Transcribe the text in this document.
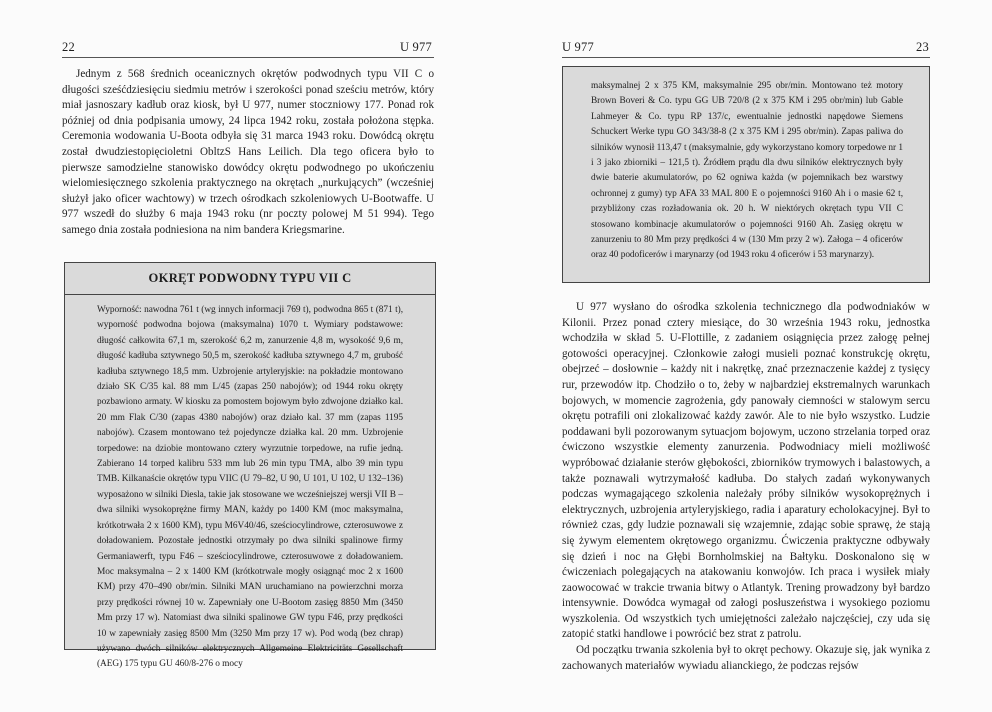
22	U 977

Jednym z 568 średnich oceanicznych okrętów podwodnych typu VII C o długości sześćdziesięciu siedmiu metrów i szerokości ponad sześciu metrów, który miał jasnoszary kadłub oraz kiosk, był U 977, numer stoczniowy 177. Ponad rok później od dnia podpisania umowy, 24 lipca 1942 roku, została położona stępka. Ceremonia wodowania U-Boota odbyła się 31 marca 1943 roku. Dowódcą okrętu został dwudziestopięcioletni ObltzS Hans Leilich. Dla tego oficera było to pierwsze samodzielne stanowisko dowódcy okrętu podwodnego po ukończeniu wielomiesięcznego szkolenia praktycznego na okrętach „nurkujących” (wcześniej służył jako oficer wachtowy) w trzech ośrodkach szkoleniowych U-Bootwaffe. U 977 wszedł do służby 6 maja 1943 roku (nr poczty polowej M 51 994). Tego samego dnia została podniesiona na nim bandera Kriegsmarine.

OKRĘT PODWODNY TYPU VII C

Wyporność: nawodna 761 t (wg innych informacji 769 t), podwodna 865 t (871 t), wyporność podwodna bojowa (maksymalna) 1070 t. Wymiary podstawowe: długość całkowita 67,1 m, szerokość 6,2 m, zanurzenie 4,8 m, wysokość 9,6 m, długość kadłuba sztywnego 50,5 m, szerokość kadłuba sztywnego 4,7 m, grubość kadłuba sztywnego 18,5 mm. Uzbrojenie artyleryjskie: na pokładzie montowano działo SK C/35 kal. 88 mm L/45 (zapas 250 nabojów); od 1944 roku okręty pozbawiono armaty. W kiosku za pomostem bojowym było zdwojone działko kal. 20 mm Flak C/30 (zapas 4380 nabojów) oraz działo kal. 37 mm (zapas 1195 nabojów). Czasem montowano też pojedyncze działka kal. 20 mm. Uzbrojenie torpedowe: na dziobie montowano cztery wyrzutnie torpedowe, na rufie jedną. Zabierano 14 torped kalibru 533 mm lub 26 min typu TMA, albo 39 min typu TMB. Kilkanaście okrętów typu VIIC (U 79–82, U 90, U 101, U 102, U 132–136) wyposażono w silniki Diesla, takie jak stosowane we wcześniejszej wersji VII B – dwa silniki wysokoprężne firmy MAN, każdy po 1400 KM (moc maksymalna, krótkotrwała 2 x 1600 KM), typu M6V40/46, sześciocylindrowe, czterosuwowe z doładowaniem. Pozostałe jednostki otrzymały po dwa silniki spalinowe firmy Germaniawerft, typu F46 – sześciocylindrowe, czterosuwowe z doładowaniem. Moc maksymalna – 2 x 1400 KM (krótkotrwale mogły osiągnąć moc 2 x 1600 KM) przy 470–490 obr/min. Silniki MAN uruchamiano na powierzchni morza przy prędkości równej 10 w. Zapewniały one U-Bootom zasięg 8850 Mm (3450 Mm przy 17 w). Natomiast dwa silniki spalinowe GW typu F46, przy prędkości 10 w zapewniały zasięg 8500 Mm (3250 Mm przy 17 w). Pod wodą (bez chrap) używano dwóch silników elektrycznych Allgemeine Elektricitäts Gesellschaft (AEG) 175 typu GU 460/8-276 o mocy

U 977	23

maksymalnej 2 x 375 KM, maksymalnie 295 obr/min. Montowano też motory Brown Boveri & Co. typu GG UB 720/8 (2 x 375 KM i 295 obr/min) lub Gable Lahmeyer & Co. typu RP 137/c, ewentualnie jednostki napędowe Siemens Schuckert Werke typu GO 343/38-8 (2 x 375 KM i 295 obr/min). Zapas paliwa do silników wynosił 113,47 t (maksymalnie, gdy wykorzystano komory torpedowe nr 1 i 3 jako zbiorniki – 121,5 t). Źródłem prądu dla dwu silników elektrycznych były dwie baterie akumulatorów, po 62 ogniwa każda (w pojemnikach bez warstwy ochronnej z gumy) typ AFA 33 MAL 800 E o pojemności 9160 Ah i o masie 62 t, przybliżony czas rozładowania ok. 20 h. W niektórych okrętach typu VII C stosowano kombinacje akumulatorów o pojemności 9160 Ah. Zasięg okrętu w zanurzeniu to 80 Mm przy prędkości 4 w (130 Mm przy 2 w). Załoga – 4 oficerów oraz 40 podoficerów i marynarzy (od 1943 roku 4 oficerów i 53 marynarzy).

U 977 wysłano do ośrodka szkolenia technicznego dla podwodniaków w Kilonii. Przez ponad cztery miesiące, do 30 września 1943 roku, jednostka wchodziła w skład 5. U-Flottille, z zadaniem osiągnięcia przez załogę pełnej gotowości operacyjnej. Członkowie załogi musieli poznać konstrukcję okrętu, obejrzeć – dosłownie – każdy nit i nakrętkę, znać przeznaczenie każdej z tysięcy rur, przewodów itp. Chodziło o to, żeby w najbardziej ekstremalnych warunkach bojowych, w momencie zagrożenia, gdy panowały ciemności w stalowym sercu okrętu potrafili oni zlokalizować każdy zawór. Ale to nie było wszystko. Ludzie poddawani byli pozorowanym sytuacjom bojowym, uczono strzelania torped oraz ćwiczono wszystkie elementy zanurzenia. Podwodniacy mieli możliwość wypróbować działanie sterów głębokości, zbiorników trymowych i balastowych, a także poznawali wytrzymałość kadłuba. Do stałych zadań wykonywanych podczas wymagającego szkolenia należały próby silników wysokoprężnych i elektrycznych, uzbrojenia artyleryjskiego, radia i aparatury echolokacyjnej. Był to również czas, gdy ludzie poznawali się wzajemnie, zdając sobie sprawę, że stają się żywym elementem okrętowego organizmu. Ćwiczenia praktyczne odbywały się dzień i noc na Głębi Bornholmskiej na Bałtyku. Doskonalono się w ćwiczeniach polegających na atakowaniu konwojów. Ich praca i wysiłek miały zaowocować w trakcie trwania bitwy o Atlantyk. Trening prowadzony był bardzo intensywnie. Dowódca wymagał od załogi posłuszeństwa i wysokiego poziomu wyszkolenia. Od wszystkich tych umiejętności zależało najczęściej, czy uda się zatopić statki handlowe i powrócić bez strat z patrolu.

Od początku trwania szkolenia był to okręt pechowy. Okazuje się, jak wynika z zachowanych materiałów wywiadu alianckiego, że podczas rejsów
